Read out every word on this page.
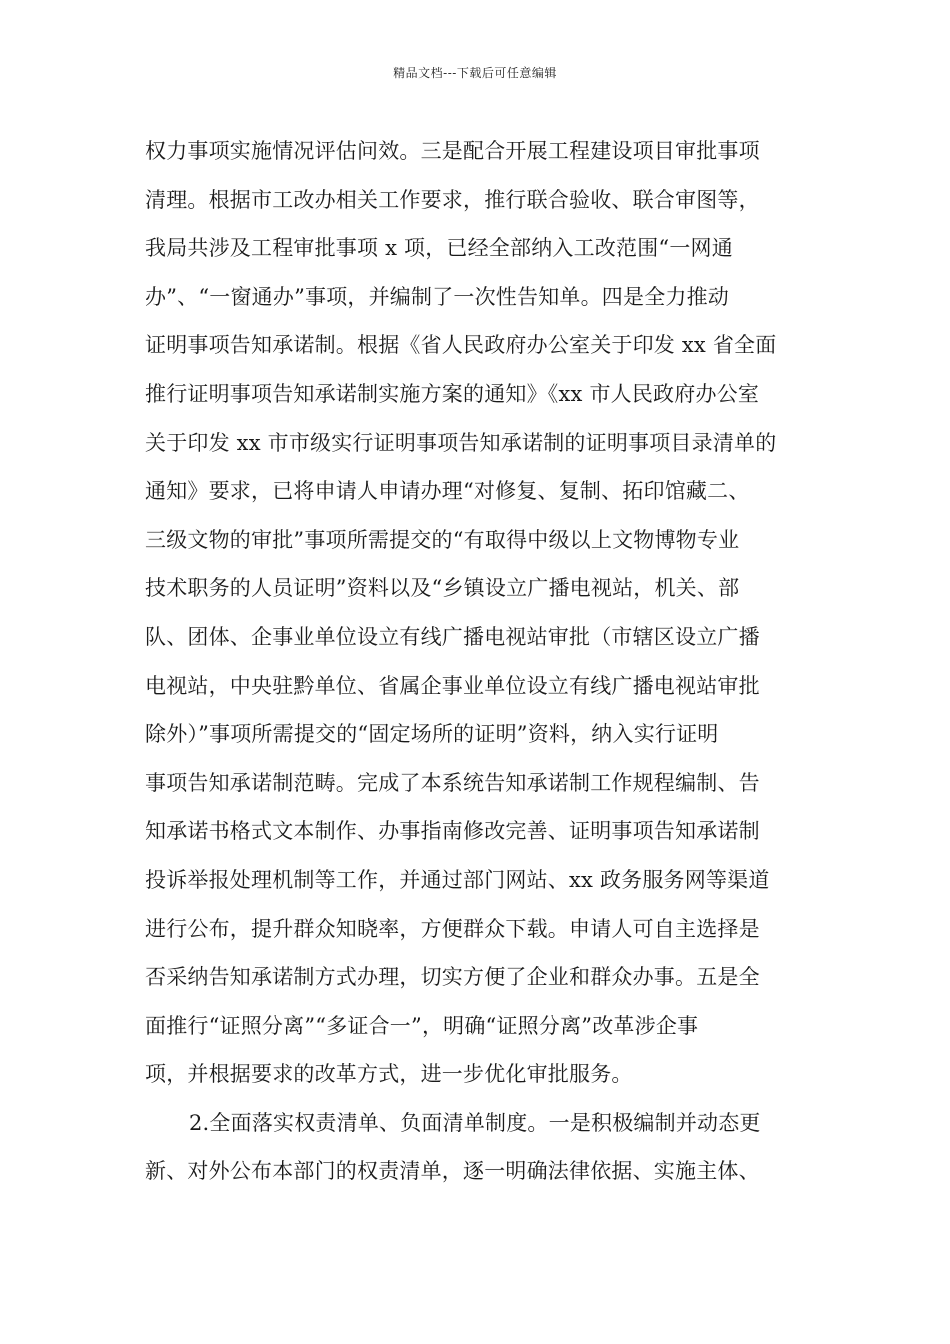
精品文档---下载后可任意编辑
权力事项实施情况评估问效。三是配合开展工程建设项目审批事项
清理。根据市工改办相关工作要求，推行联合验收、联合审图等，
我局共涉及工程审批事项 x 项，已经全部纳入工改范围“一网通
办”、“一窗通办”事项，并编制了一次性告知单。四是全力推动
证明事项告知承诺制。根据《省人民政府办公室关于印发 xx 省全面
推行证明事项告知承诺制实施方案的通知》《xx 市人民政府办公室
关于印发 xx 市市级实行证明事项告知承诺制的证明事项目录清单的
通知》要求，已将申请人申请办理“对修复、复制、拓印馆藏二、
三级文物的审批”事项所需提交的“有取得中级以上文物博物专业
技术职务的人员证明”资料以及“乡镇设立广播电视站，机关、部
队、团体、企事业单位设立有线广播电视站审批（市辖区设立广播
电视站，中央驻黔单位、省属企事业单位设立有线广播电视站审批
除外）”事项所需提交的“固定场所的证明”资料，纳入实行证明
事项告知承诺制范畴。完成了本系统告知承诺制工作规程编制、告
知承诺书格式文本制作、办事指南修改完善、证明事项告知承诺制
投诉举报处理机制等工作，并通过部门网站、xx 政务服务网等渠道
进行公布，提升群众知晓率，方便群众下载。申请人可自主选择是
否采纳告知承诺制方式办理，切实方便了企业和群众办事。五是全
面推行“证照分离”“多证合一”，明确“证照分离”改革涉企事
项，并根据要求的改革方式，进一步优化审批服务。
2.全面落实权责清单、负面清单制度。一是积极编制并动态更
新、对外公布本部门的权责清单，逐一明确法律依据、实施主体、
